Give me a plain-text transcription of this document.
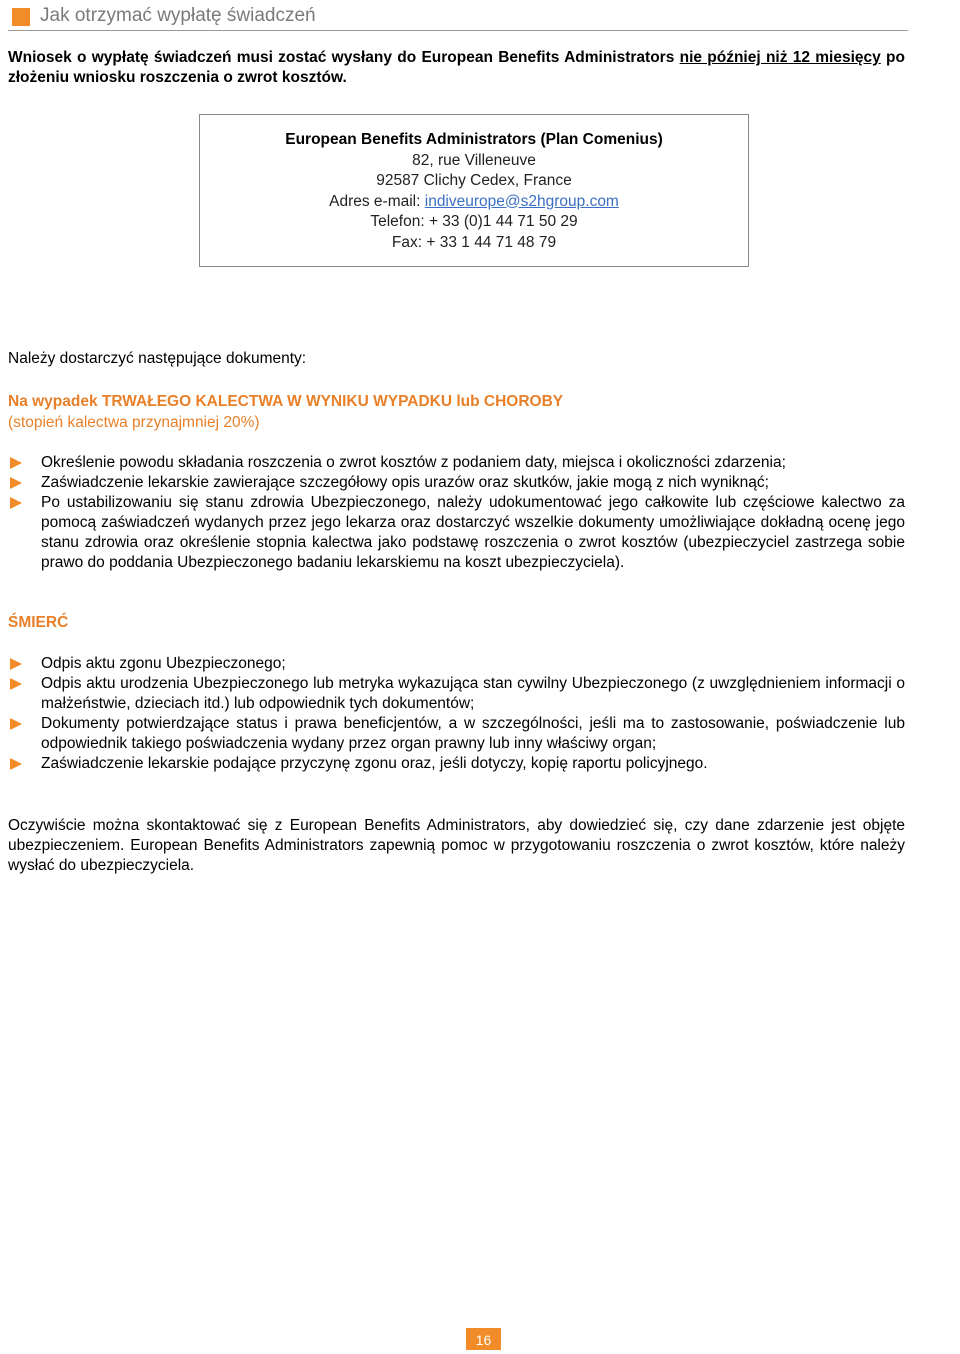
Jak otrzymać wypłatę świadczeń
Wniosek o wypłatę świadczeń musi zostać wysłany do European Benefits Administrators nie później niż 12 miesięcy po złożeniu wniosku roszczenia o zwrot kosztów.
European Benefits Administrators (Plan Comenius)
82, rue Villeneuve
92587 Clichy Cedex, France
Adres e-mail: indiveurope@s2hgroup.com
Telefon: + 33 (0)1 44 71 50 29
Fax: + 33 1 44 71 48 79
Należy dostarczyć następujące dokumenty:
Na wypadek TRWAŁEGO KALECTWA W WYNIKU WYPADKU lub CHOROBY
(stopień kalectwa przynajmniej 20%)
Określenie powodu składania roszczenia o zwrot kosztów z podaniem daty, miejsca i okoliczności zdarzenia;
Zaświadczenie lekarskie zawierające szczegółowy opis urazów oraz skutków, jakie mogą z nich wyniknąć;
Po ustabilizowaniu się stanu zdrowia Ubezpieczonego, należy udokumentować jego całkowite lub częściowe kalectwo za pomocą zaświadczeń wydanych przez jego lekarza oraz dostarczyć wszelkie dokumenty umożliwiające dokładną ocenę jego stanu zdrowia oraz określenie stopnia kalectwa jako podstawę roszczenia o zwrot kosztów (ubezpieczyciel zastrzega sobie prawo do poddania Ubezpieczonego badaniu lekarskiemu na koszt ubezpieczyciela).
ŚMIERĆ
Odpis aktu zgonu Ubezpieczonego;
Odpis aktu urodzenia Ubezpieczonego lub metryka wykazująca stan cywilny Ubezpieczonego (z uwzględnieniem informacji o małżeństwie, dzieciach itd.) lub odpowiednik tych dokumentów;
Dokumenty potwierdzające status i prawa beneficjentów, a w szczególności, jeśli ma to zastosowanie, poświadczenie lub odpowiednik takiego poświadczenia wydany przez organ prawny lub inny właściwy organ;
Zaświadczenie lekarskie podające przyczynę zgonu oraz, jeśli dotyczy, kopię raportu policyjnego.
Oczywiście można skontaktować się z European Benefits Administrators, aby dowiedzieć się, czy dane zdarzenie jest objęte ubezpieczeniem. European Benefits Administrators zapewnią pomoc w przygotowaniu roszczenia o zwrot kosztów, które należy wysłać do ubezpieczyciela.
16
